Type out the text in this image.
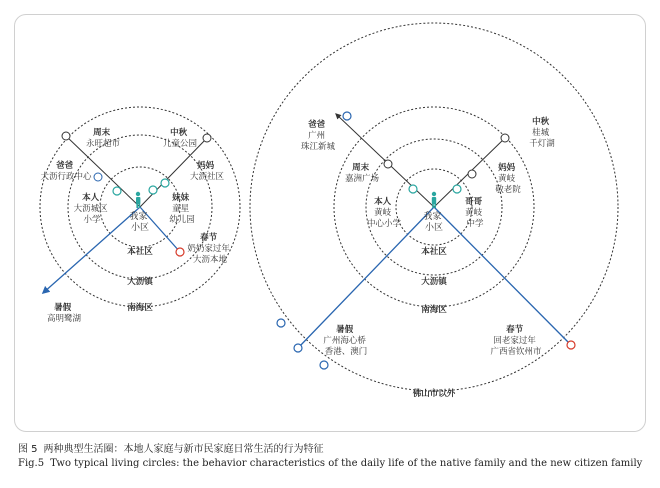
我家 小区
本社区
大沥镇
南海区
周末 永旺超市
中秋 儿童公园
爸爸 大沥行政中心
妈妈 大沥社区
本人 大沥城区 小学
妹妹 童星 幼儿园
春节 奶奶家过年 大沥本地
暑假 高明鹭湖
我家 小区
本社区
大沥镇
南海区
佛山市以外
爸爸 广州 珠江新城
中秋 桂城 千灯湖
周末 嘉洲广场
妈妈 黄岐 敬老院
本人 黄岐 中心小学
哥哥 黄岐 中学
暑假 广州海心桥 香港、澳门
春节 回老家过年 广西省钦州市
图 5 两种典型生活圈：本地人家庭与新市民家庭日常生活的行为特征
Fig.5 Two typical living circles: the behavior characteristics of the daily life of the native family and the new citizen family
